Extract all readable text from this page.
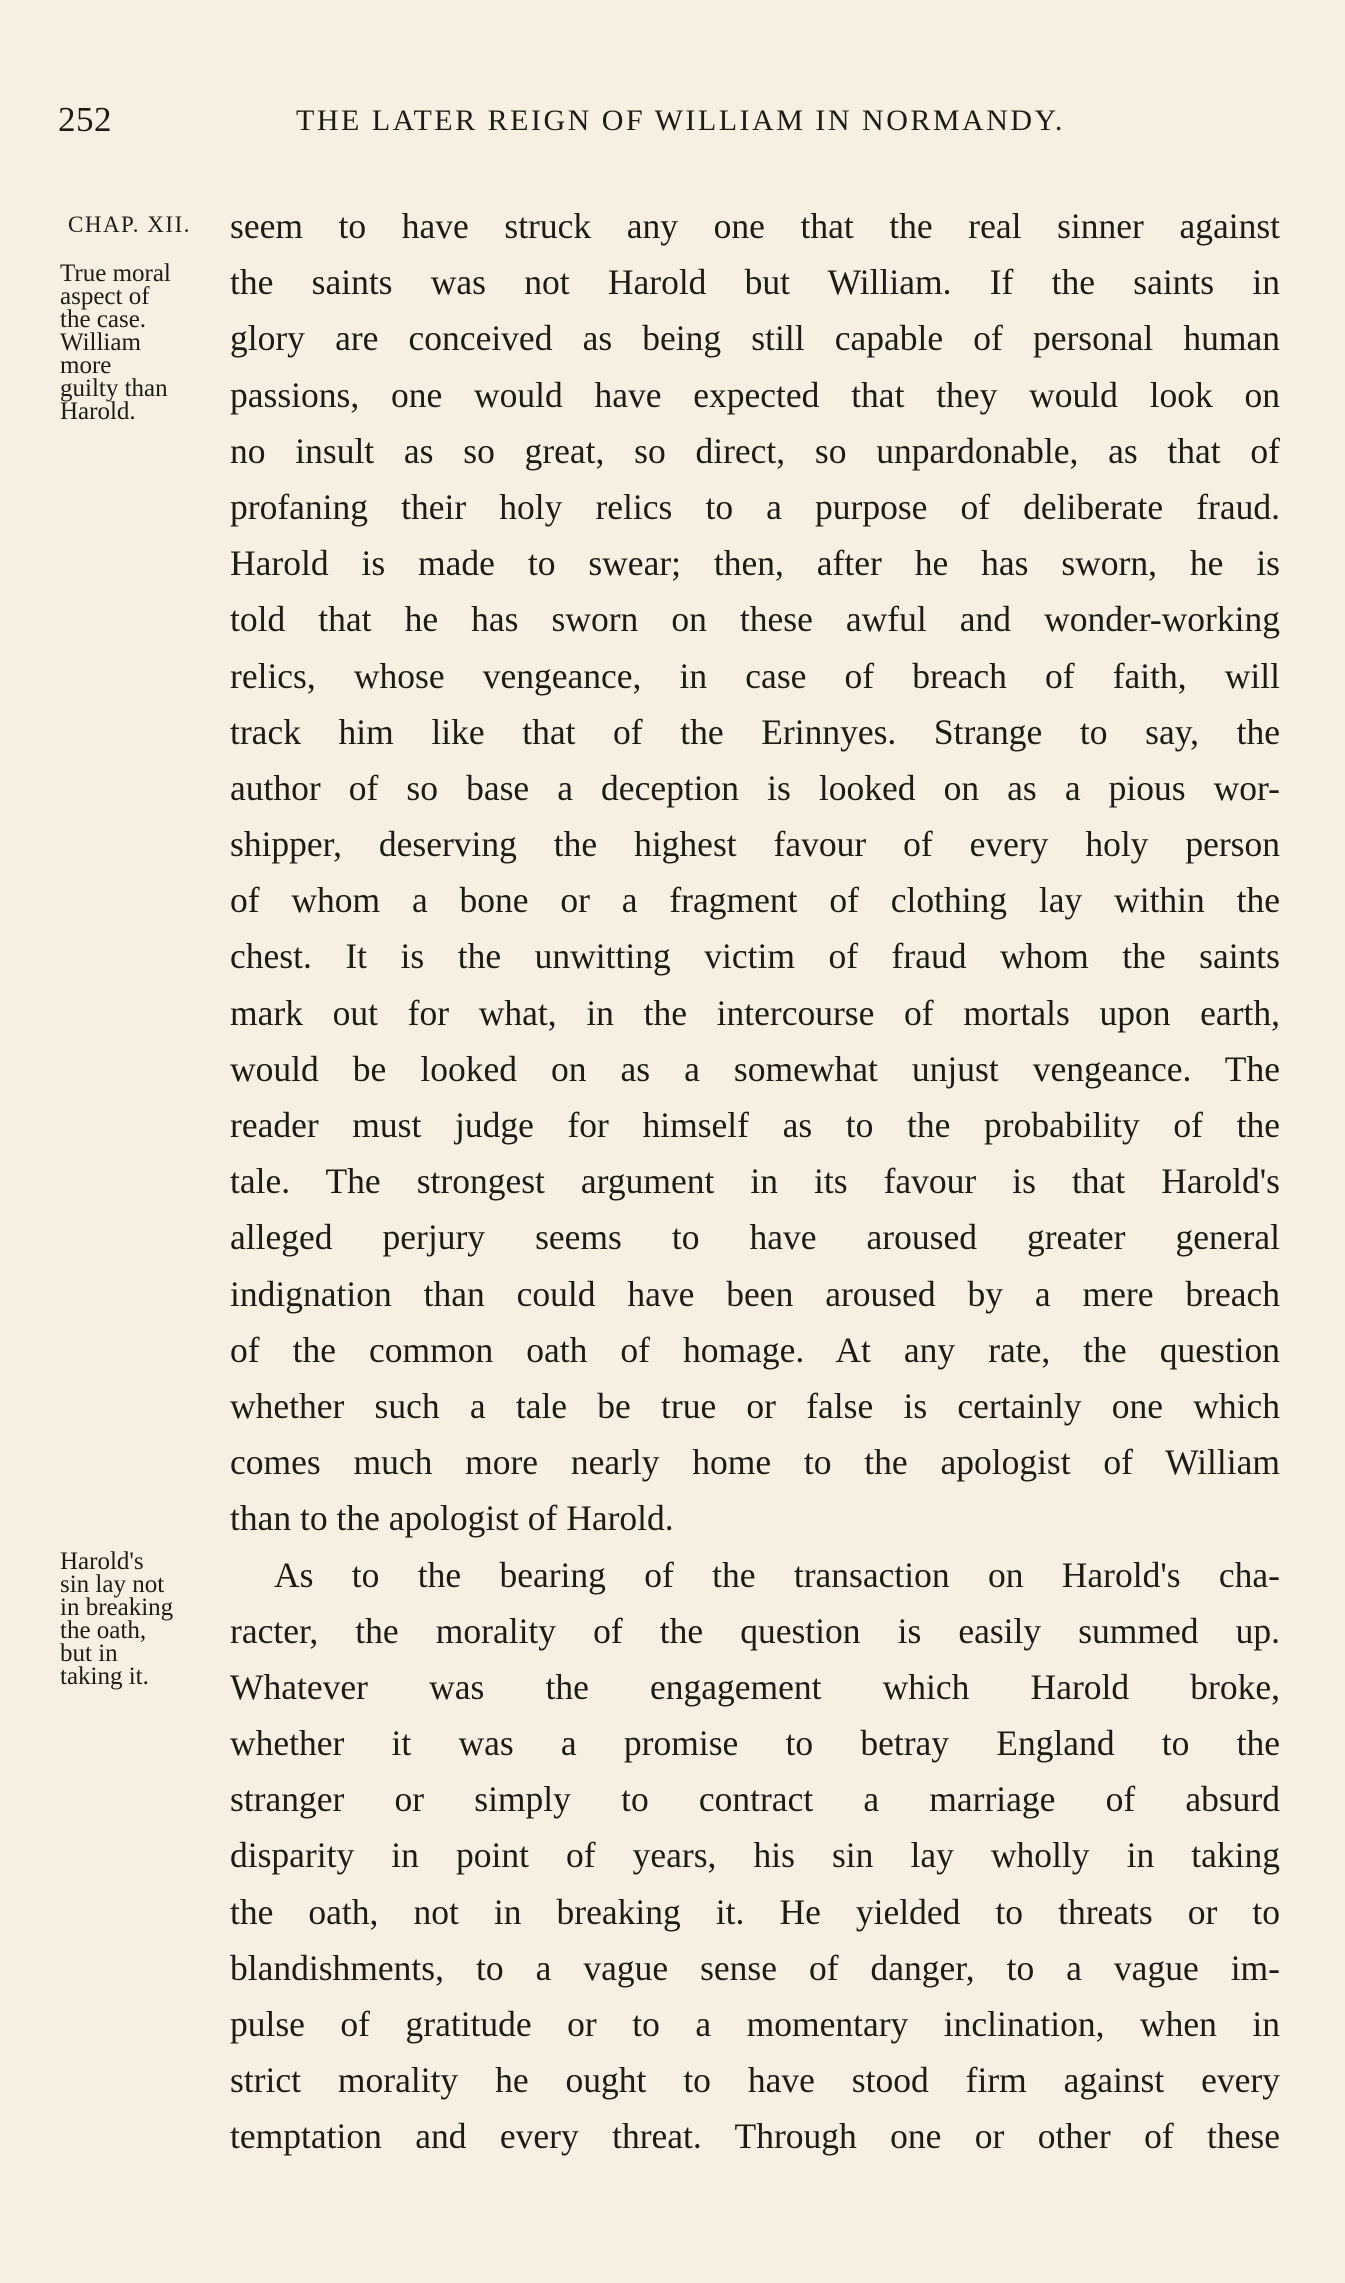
252	THE LATER REIGN OF WILLIAM IN NORMANDY.
CHAP. XII.
True moral
aspect of
the case.
William
more
guilty than
Harold.
Harold's
sin lay not
in breaking
the oath,
but in
taking it.
seem to have struck any one that the real sinner against
the saints was not Harold but William. If the saints in
glory are conceived as being still capable of personal human
passions, one would have expected that they would look on
no insult as so great, so direct, so unpardonable, as that of
profaning their holy relics to a purpose of deliberate fraud.
Harold is made to swear; then, after he has sworn, he is
told that he has sworn on these awful and wonder-working
relics, whose vengeance, in case of breach of faith, will
track him like that of the Erinnyes. Strange to say, the
author of so base a deception is looked on as a pious wor-
shipper, deserving the highest favour of every holy person
of whom a bone or a fragment of clothing lay within the
chest. It is the unwitting victim of fraud whom the saints
mark out for what, in the intercourse of mortals upon earth,
would be looked on as a somewhat unjust vengeance. The
reader must judge for himself as to the probability of the
tale. The strongest argument in its favour is that Harold's
alleged perjury seems to have aroused greater general
indignation than could have been aroused by a mere breach
of the common oath of homage. At any rate, the question
whether such a tale be true or false is certainly one which
comes much more nearly home to the apologist of William
than to the apologist of Harold.
As to the bearing of the transaction on Harold's cha-
racter, the morality of the question is easily summed up.
Whatever was the engagement which Harold broke,
whether it was a promise to betray England to the
stranger or simply to contract a marriage of absurd
disparity in point of years, his sin lay wholly in taking
the oath, not in breaking it. He yielded to threats or to
blandishments, to a vague sense of danger, to a vague im-
pulse of gratitude or to a momentary inclination, when in
strict morality he ought to have stood firm against every
temptation and every threat. Through one or other of these
